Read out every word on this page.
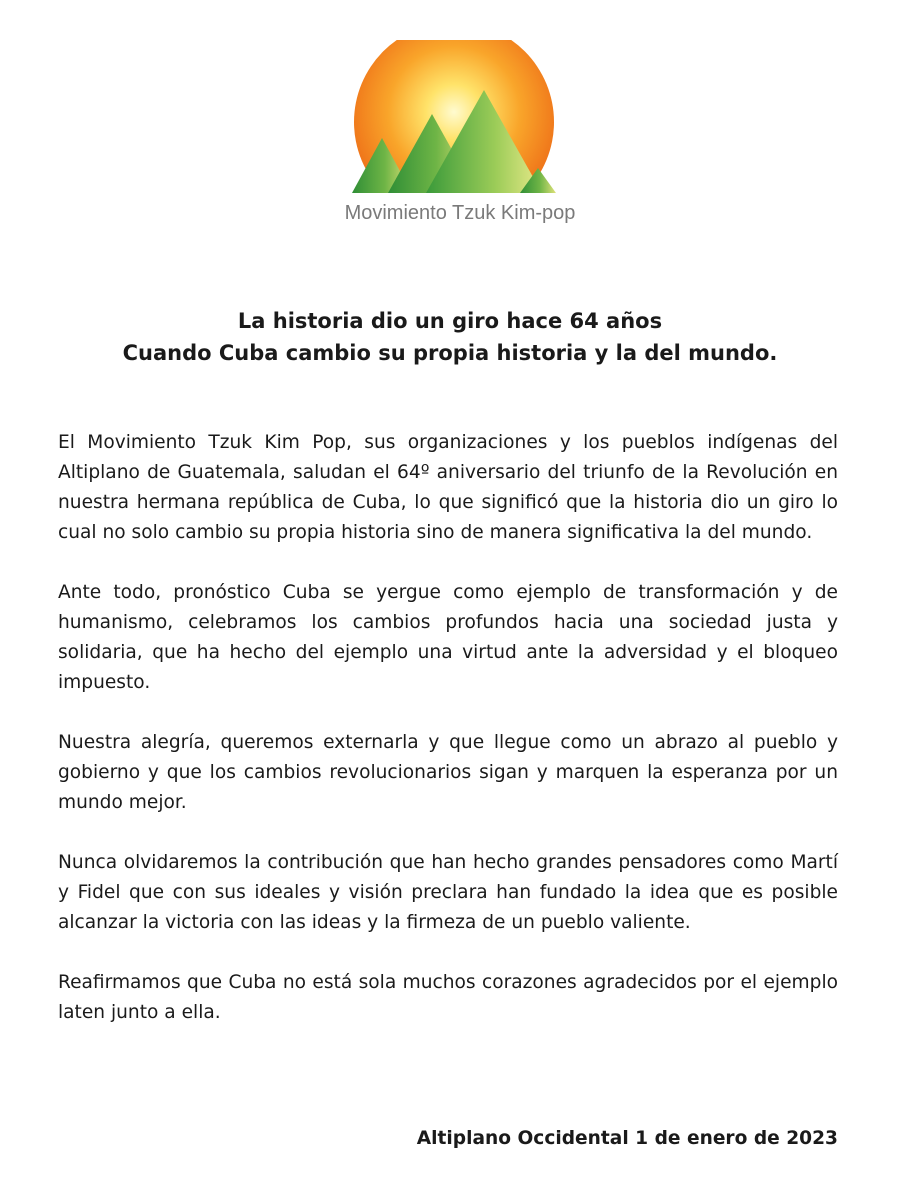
Movimiento Tzuk Kim-pop
La historia dio un giro hace 64 años
Cuando Cuba cambio su propia historia y la del mundo.

El Movimiento Tzuk Kim Pop, sus organizaciones y los pueblos indígenas del Altiplano de Guatemala, saludan el 64º aniversario del triunfo de la Revolución en nuestra hermana república de Cuba, lo que significó que la historia dio un giro lo cual no solo cambio su propia historia sino de manera significativa la del mundo.

Ante todo, pronóstico Cuba se yergue como ejemplo de transformación y de humanismo, celebramos los cambios profundos hacia una sociedad justa y solidaria, que ha hecho del ejemplo una virtud ante la adversidad y el bloqueo impuesto.

Nuestra alegría, queremos externarla y que llegue como un abrazo al pueblo y gobierno y que los cambios revolucionarios sigan y marquen la esperanza por un mundo mejor.

Nunca olvidaremos la contribución que han hecho grandes pensadores como Martí y Fidel que con sus ideales y visión preclara han fundado la idea que es posible alcanzar la victoria con las ideas y la firmeza de un pueblo valiente.

Reafirmamos que Cuba no está sola muchos corazones agradecidos por el ejemplo laten junto a ella.

Altiplano Occidental 1 de enero de 2023
